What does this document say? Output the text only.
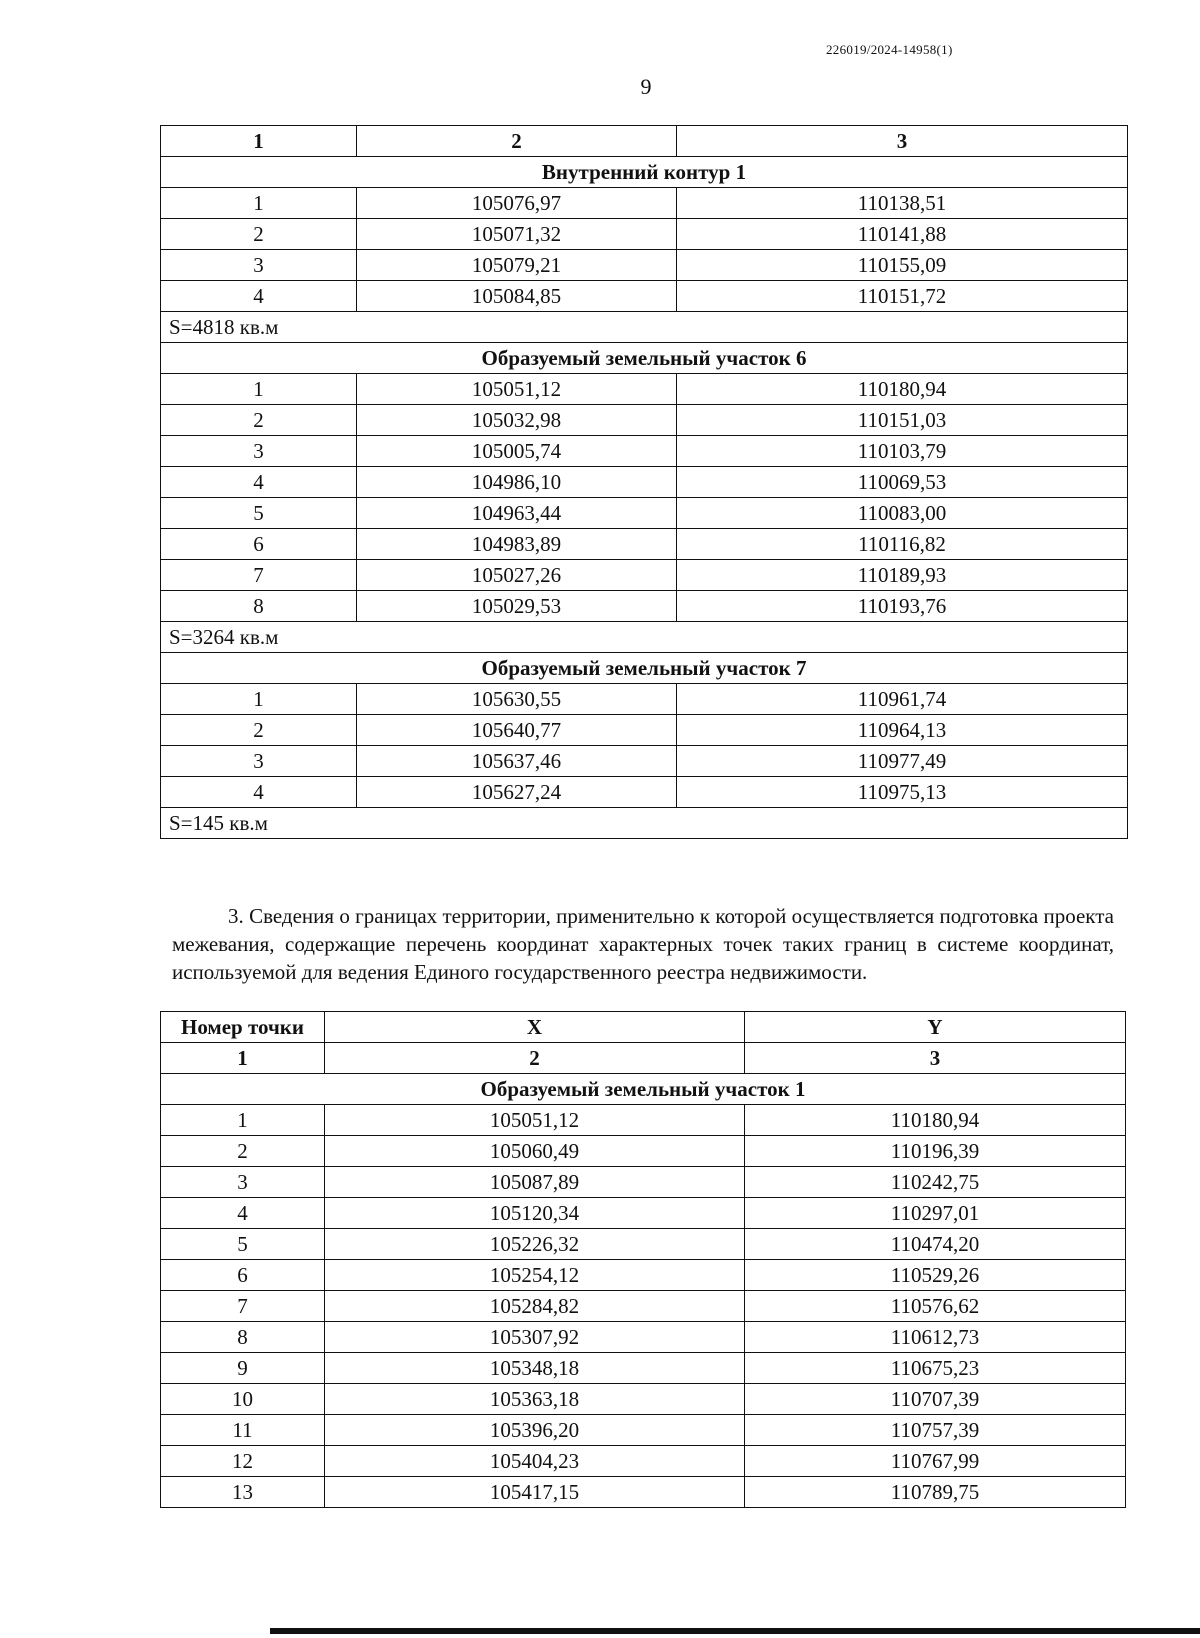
226019/2024-14958(1)
9
1	2	3
Внутренний контур 1		
1	105076,97	110138,51
2	105071,32	110141,88
3	105079,21	110155,09
4	105084,85	110151,72
S=4818 кв.м		
Образуемый земельный участок 6		
1	105051,12	110180,94
2	105032,98	110151,03
3	105005,74	110103,79
4	104986,10	110069,53
5	104963,44	110083,00
6	104983,89	110116,82
7	105027,26	110189,93
8	105029,53	110193,76
S=3264 кв.м		
Образуемый земельный участок 7		
1	105630,55	110961,74
2	105640,77	110964,13
3	105637,46	110977,49
4	105627,24	110975,13
S=145 кв.м		

3. Сведения о границах территории, применительно к которой осуществляется подготовка проекта межевания, содержащие перечень координат характерных точек таких границ в системе координат, используемой для ведения Единого государственного реестра недвижимости.

Номер точки	X	Y
1	2	3
Образуемый земельный участок 1		
1	105051,12	110180,94
2	105060,49	110196,39
3	105087,89	110242,75
4	105120,34	110297,01
5	105226,32	110474,20
6	105254,12	110529,26
7	105284,82	110576,62
8	105307,92	110612,73
9	105348,18	110675,23
10	105363,18	110707,39
11	105396,20	110757,39
12	105404,23	110767,99
13	105417,15	110789,75
